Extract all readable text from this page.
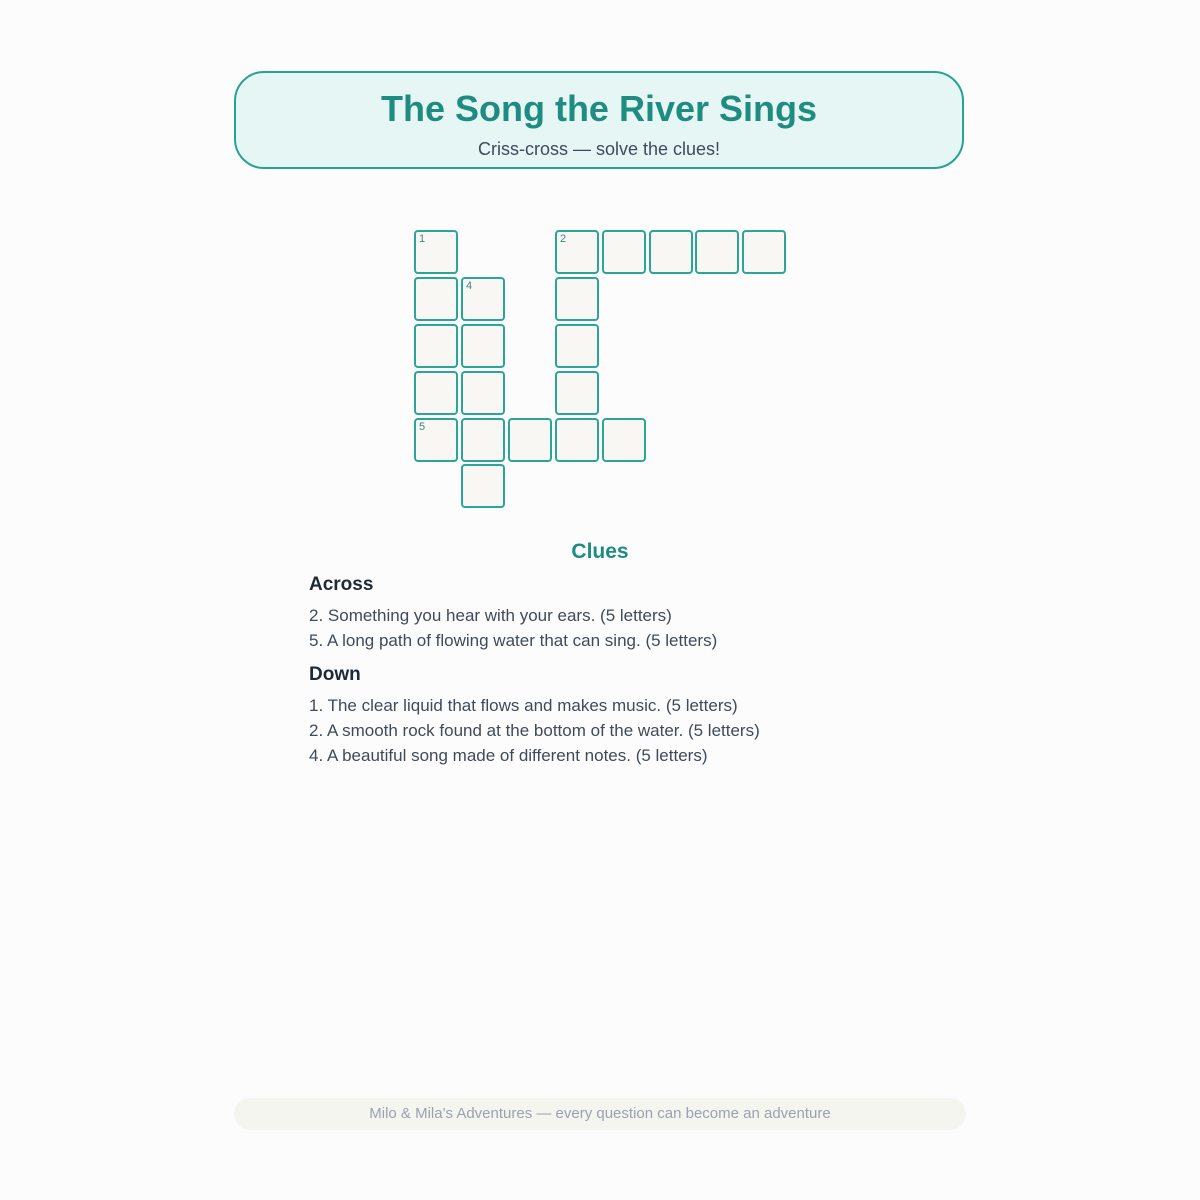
The Song the River Sings
Criss-cross — solve the clues!
1	2
4
5
Clues
Across
2. Something you hear with your ears. (5 letters)
5. A long path of flowing water that can sing. (5 letters)
Down
1. The clear liquid that flows and makes music. (5 letters)
2. A smooth rock found at the bottom of the water. (5 letters)
4. A beautiful song made of different notes. (5 letters)
Milo & Mila's Adventures — every question can become an adventure
